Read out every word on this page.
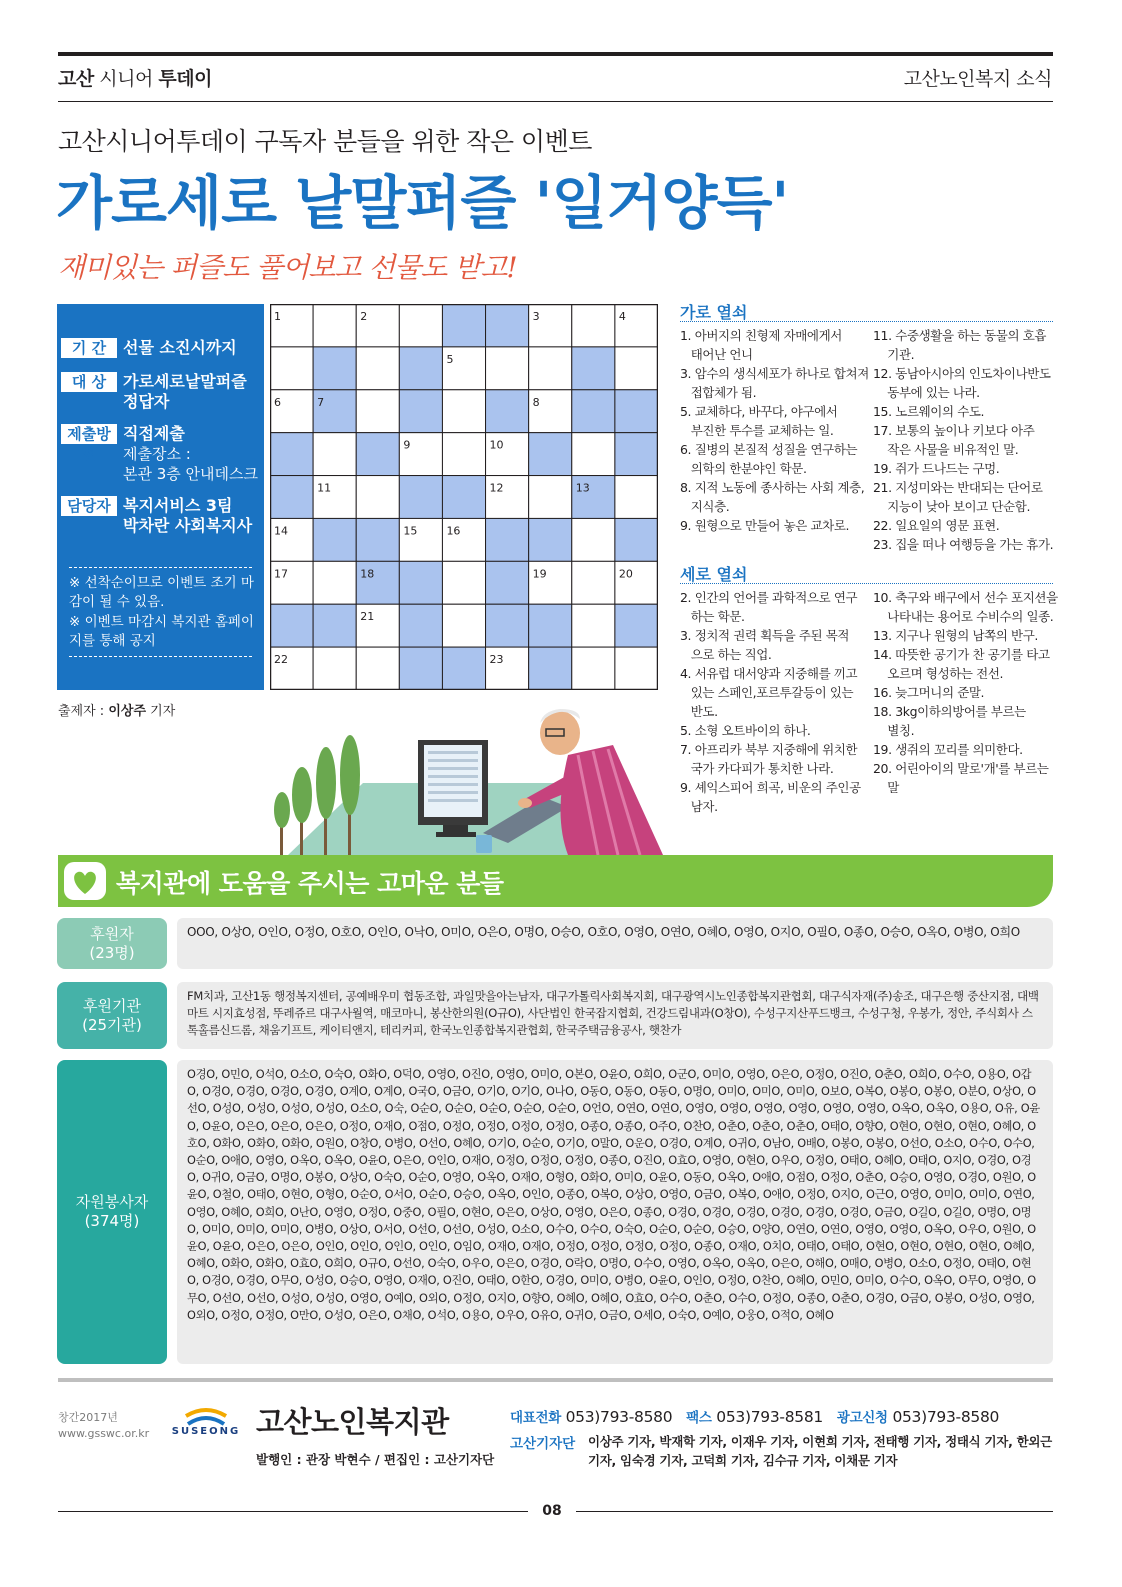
고산 시니어 투데이	고산노인복지 소식
고산시니어투데이 구독자 분들을 위한 작은 이벤트
가로세로 낱말퍼즐 '일거양득'
재미있는 퍼즐도 풀어보고 선물도 받고!
기 간	선물 소진시까지
대 상	가로세로낱말퍼즐
정답자
제출방법
직접제출
제출장소 :
본관 3층 안내데스크
담당자 복지서비스 3팀
박차란 사회복지사
※ 선착순이므로 이벤트 조기 마감이 될 수 있음.
※ 이벤트 마감시 복지관 홈페이지를 통해 공지
출제자 : 이상주 기자
1	2	3	4
5
6	7	8
9	10
11	12	13
14	15	16
17	18	19	20
21
22	23
가로 열쇠
1. 아버지의 친형제 자매에게서
태어난 언니
3. 암수의 생식세포가 하나로 합쳐져
접합체가 됨.
5. 교체하다, 바꾸다, 야구에서
부진한 투수를 교체하는 일.
6. 질병의 본질적 성질을 연구하는
의학의 한분야인 학문.
8. 지적 노동에 종사하는 사회 계층,
지식층.
9. 원형으로 만들어 놓은 교차로.
11. 수중생활을 하는 동물의 호흡
기관.
12. 동남아시아의 인도차이나반도
동부에 있는 나라.
15. 노르웨이의 수도.
17. 보통의 높이나 키보다 아주
작은 사물을 비유적인 말.
19. 쥐가 드나드는 구멍.
21. 지성미와는 반대되는 단어로
지능이 낮아 보이고 단순함.
22. 일요일의 영문 표현.
23. 집을 떠나 여행등을 가는 휴가.
세로 열쇠
2. 인간의 언어를 과학적으로 연구
하는 학문.
3. 정치적 권력 획득을 주된 목적
으로 하는 직업.
4. 서유럽 대서양과 지중해를 끼고
있는 스페인,포르투갈등이 있는
반도.
5. 소형 오트바이의 하나.
7. 아프리카 북부 지중해에 위치한
국가 카다피가 통치한 나라.
9. 셰익스피어 희곡, 비운의 주인공
남자.
10. 축구와 배구에서 선수 포지션을
나타내는 용어로 수비수의 일종.
13. 지구나 원형의 남쪽의 반구.
14. 따뜻한 공기가 찬 공기를 타고
오르며 형성하는 전선.
16. 늦그머니의 준말.
18. 3kg이하의방어를 부르는
별칭.
19. 생쥐의 꼬리를 의미한다.
20. 어린아이의 말로'개'를 부르는
말
복지관에 도움을 주시는 고마운 분들
후원자
(23명)
OOO, O상O, O인O, O정O, O호O, O인O, O낙O, O미O, O은O, O명O, O승O, O호O, O영O, O연O, O혜O, O영O, O지O, O필O, O종O, O승O, O옥O, O병O, O희O
후원기관
(25기관)
FM치과, 고산1동 행정복지센터, 공예배우미 협동조합, 과일맛을아는남자, 대구가톨릭사회복지회, 대구광역시노인종합복지관협회, 대구식자재(주)송조, 대구은행 중산지점, 대백마트 시지효성점, 뚜레쥬르 대구사월역, 매코마니, 봉산한의원(O규O), 사단법인 한국잡지협회, 건강드림내과(O창O), 수성구지산푸드뱅크, 수성구청, 우봉가, 정안, 주식회사 스톡홀름신드롬, 채움기프트, 케이티앤지, 테리커피, 한국노인종합복지관협회, 한국주택금융공사, 햇찬가
자원봉사자
(374명)
O경O, O민O, O석O, O소O, O숙O, O화O, O덕O, O영O, O진O, O영O, O미O, O본O, O윤O, O희O, O군O, O미O, O영O, O은O, O정O, O진O, O춘O, O희O, O수O, O용O, O갑O, O경O, O경O, O경O, O경O, O계O, O계O, O국O, O금O, O기O, O기O, O나O, O동O, O동O, O동O, O명O, O미O, O미O, O미O, O보O, O복O, O봉O, O봉O, O분O, O상O, O선O, O성O, O성O, O성O, O성O, O소O, O숙, O순O, O순O, O순O, O순O, O순O, O언O, O연O, O연O, O영O, O영O, O영O, O영O, O영O, O영O, O옥O, O옥O, O용O, O유, O윤O, O윤O, O은O, O은O, O은O, O정O, O재O, O점O, O정O, O정O, O정O, O정O, O종O, O종O, O주O, O찬O, O춘O, O춘O, O춘O, O태O, O향O, O현O, O현O, O현O, O혜O, O호O, O화O, O화O, O화O, O원O, O창O, O병O, O선O, O혜O, O기O, O순O, O기O, O말O, O운O, O경O, O계O, O귀O, O남O, O배O, O봉O, O봉O, O선O, O소O, O수O, O수O, O순O, O애O, O영O, O옥O, O옥O, O윤O, O은O, O인O, O재O, O정O, O정O, O정O, O종O, O진O, O효O, O영O, O현O, O우O, O정O, O태O, O혜O, O태O, O지O, O경O, O경O, O귀O, O금O, O명O, O봉O, O상O, O숙O, O순O, O영O, O옥O, O재O, O형O, O화O, O미O, O윤O, O동O, O옥O, O애O, O점O, O정O, O춘O, O승O, O영O, O경O, O원O, O윤O, O철O, O태O, O현O, O형O, O순O, O서O, O순O, O승O, O옥O, O인O, O종O, O복O, O상O, O영O, O금O, O복O, O애O, O정O, O지O, O근O, O영O, O미O, O미O, O연O, O영O, O혜O, O희O, O난O, O영O, O정O, O중O, O필O, O현O, O은O, O상O, O영O, O은O, O종O, O경O, O경O, O경O, O경O, O경O, O경O, O금O, O길O, O길O, O명O, O명O, O미O, O미O, O미O, O병O, O상O, O서O, O선O, O선O, O성O, O소O, O수O, O수O, O숙O, O순O, O순O, O승O, O양O, O연O, O연O, O영O, O영O, O옥O, O우O, O원O, O윤O, O윤O, O은O, O은O, O인O, O인O, O인O, O인O, O임O, O재O, O재O, O정O, O정O, O정O, O정O, O종O, O재O, O치O, O태O, O태O, O현O, O현O, O현O, O현O, O혜O, O혜O, O화O, O화O, O효O, O희O, O규O, O선O, O숙O, O우O, O은O, O경O, O락O, O명O, O수O, O영O, O옥O, O옥O, O은O, O해O, O매O, O병O, O소O, O정O, O태O, O현O, O경O, O경O, O무O, O성O, O승O, O영O, O재O, O진O, O태O, O한O, O경O, O미O, O병O, O윤O, O인O, O정O, O찬O, O혜O, O민O, O미O, O수O, O옥O, O무O, O영O, O무O, O선O, O선O, O성O, O성O, O영O, O예O, O외O, O정O, O지O, O향O, O혜O, O혜O, O효O, O수O, O춘O, O수O, O정O, O종O, O춘O, O경O, O금O, O봉O, O성O, O영O, O외O, O정O, O정O, O만O, O성O, O은O, O채O, O석O, O용O, O우O, O유O, O귀O, O금O, O세O, O숙O, O예O, O웅O, O적O, O혜O
창간2017년
www.gsswc.or.kr	SUSEONG 고산노인복지관
발행인 : 관장 박현수 / 편집인 : 고산기자단
대표전화 053)793-8580 팩스 053)793-8581 광고신청 053)793-8580
고산기자단 이상주 기자, 박재학 기자, 이재우 기자, 이현희 기자, 전태행 기자, 정태식 기자, 한외근 기자, 임숙경 기자, 고덕희 기자, 김수규 기자, 이채문 기자
08
